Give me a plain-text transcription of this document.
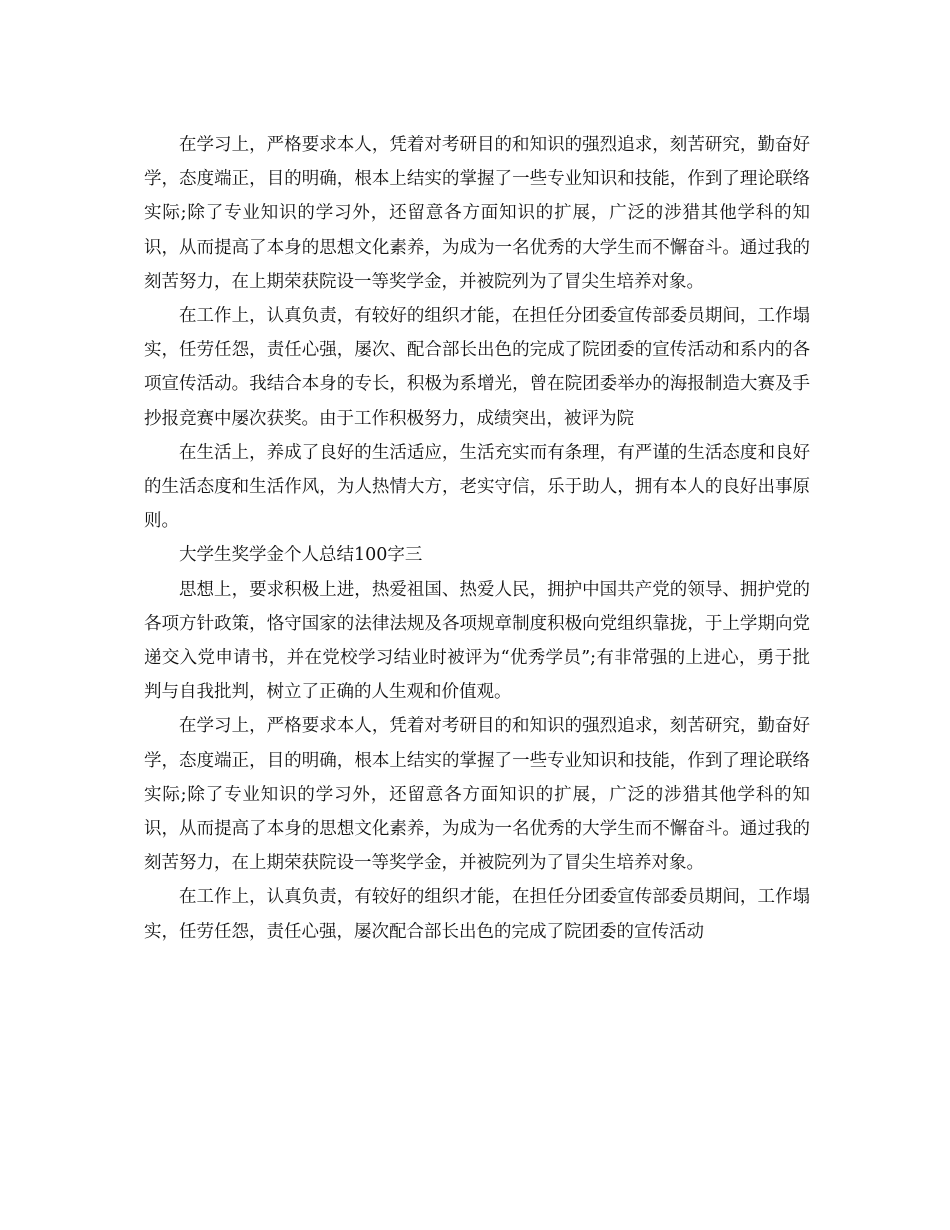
在学习上，严格要求本人，凭着对考研目的和知识的强烈追求，刻苦研究，勤奋好学，态度端正，目的明确，根本上结实的掌握了一些专业知识和技能，作到了理论联络实际;除了专业知识的学习外，还留意各方面知识的扩展，广泛的涉猎其他学科的知识，从而提高了本身的思想文化素养，为成为一名优秀的大学生而不懈奋斗。通过我的刻苦努力，在上期荣获院设一等奖学金，并被院列为了冒尖生培养对象。

在工作上，认真负责，有较好的组织才能，在担任分团委宣传部委员期间，工作塌实，任劳任怨，责任心强，屡次、配合部长出色的完成了院团委的宣传活动和系内的各项宣传活动。我结合本身的专长，积极为系增光，曾在院团委举办的海报制造大赛及手抄报竞赛中屡次获奖。由于工作积极努力，成绩突出，被评为院

在生活上，养成了良好的生活适应，生活充实而有条理，有严谨的生活态度和良好的生活态度和生活作风，为人热情大方，老实守信，乐于助人，拥有本人的良好出事原则。

大学生奖学金个人总结100字三

思想上，要求积极上进，热爱祖国、热爱人民，拥护中国共产党的领导、拥护党的各项方针政策，恪守国家的法律法规及各项规章制度积极向党组织靠拢，于上学期向党递交入党申请书，并在党校学习结业时被评为“优秀学员”;有非常强的上进心，勇于批判与自我批判，树立了正确的人生观和价值观。

在学习上，严格要求本人，凭着对考研目的和知识的强烈追求，刻苦研究，勤奋好学，态度端正，目的明确，根本上结实的掌握了一些专业知识和技能，作到了理论联络实际;除了专业知识的学习外，还留意各方面知识的扩展，广泛的涉猎其他学科的知识，从而提高了本身的思想文化素养，为成为一名优秀的大学生而不懈奋斗。通过我的刻苦努力，在上期荣获院设一等奖学金，并被院列为了冒尖生培养对象。

在工作上，认真负责，有较好的组织才能，在担任分团委宣传部委员期间，工作塌实，任劳任怨，责任心强，屡次配合部长出色的完成了院团委的宣传活动
